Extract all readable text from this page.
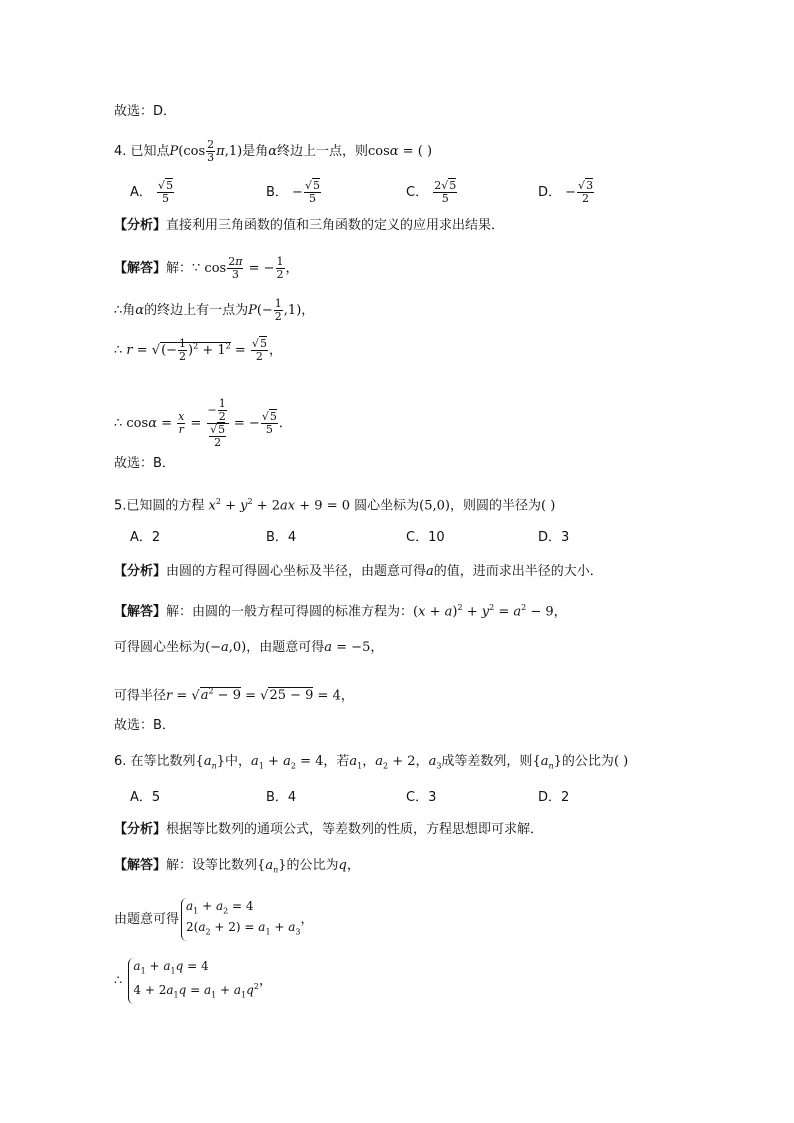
故选：D．
4. 已知点$P(\cos \frac{2}{3} \pi,1)$是角α终边上一点，则cosα = ( )
A． $\frac{√5}{5}$	B． − $\frac{√5}{5}$	C． $\frac{2√5}{5}$	D． − $\frac{√3}{2}$
【分析】直接利用三角函数的值和三角函数的定义的应用求出结果．
【解答】解：∵ $\cos \frac{2\pi}{3}$ = − $\frac{1}{2}$ ，
∴角α的终边上有一点为$P(- \frac{1}{2} ,1)$，
∴ r = √(− $\frac{1}{2} )^2 + 1^2 = \frac{√5}{2}$ ，
∴ $\cos\alpha = \frac{x}{r} = \frac{- \frac{1}{2}}{\frac{√5}{2}}$ = − $\frac{√5}{5}$ ．
故选：B．
5.已知圆的方程 $x^2 + y^2 + 2ax + 9 = 0$ 圆心坐标为(5,0)，则圆的半径为( )
A．2	B．4	C．10	D．3
【分析】由圆的方程可得圆心坐标及半径，由题意可得a的值，进而求出半径的大小．
【解答】解：由圆的一般方程可得圆的标准方程为：$(x + a)^2 + y^2 = a^2 - 9$，
可得圆心坐标为(−a,0)，由题意可得a = −5，
可得半径$r = √a^2 - 9 = √25 - 9 = 4$，
故选：B．
6. 在等比数列$\{a_n\}$中，$a_1 + a_2 = 4$，若$a_1$，$a_2 + 2$，$a_3$成等差数列，则$\{a_n\}$的公比为( )
A．5	B．4	C．3	D．2
【分析】根据等比数列的通项公式，等差数列的性质，方程思想即可求解．
【解答】解：设等比数列$\{a_n\}$的公比为q，
由题意可得$a_1 + a_2 = 4$
$2(a_2 + 2) = a_1 + a_3$，
∴ $a_1 + a_1q = 4$
$4 + 2a_1q = a_1 + a_1q^2$，
